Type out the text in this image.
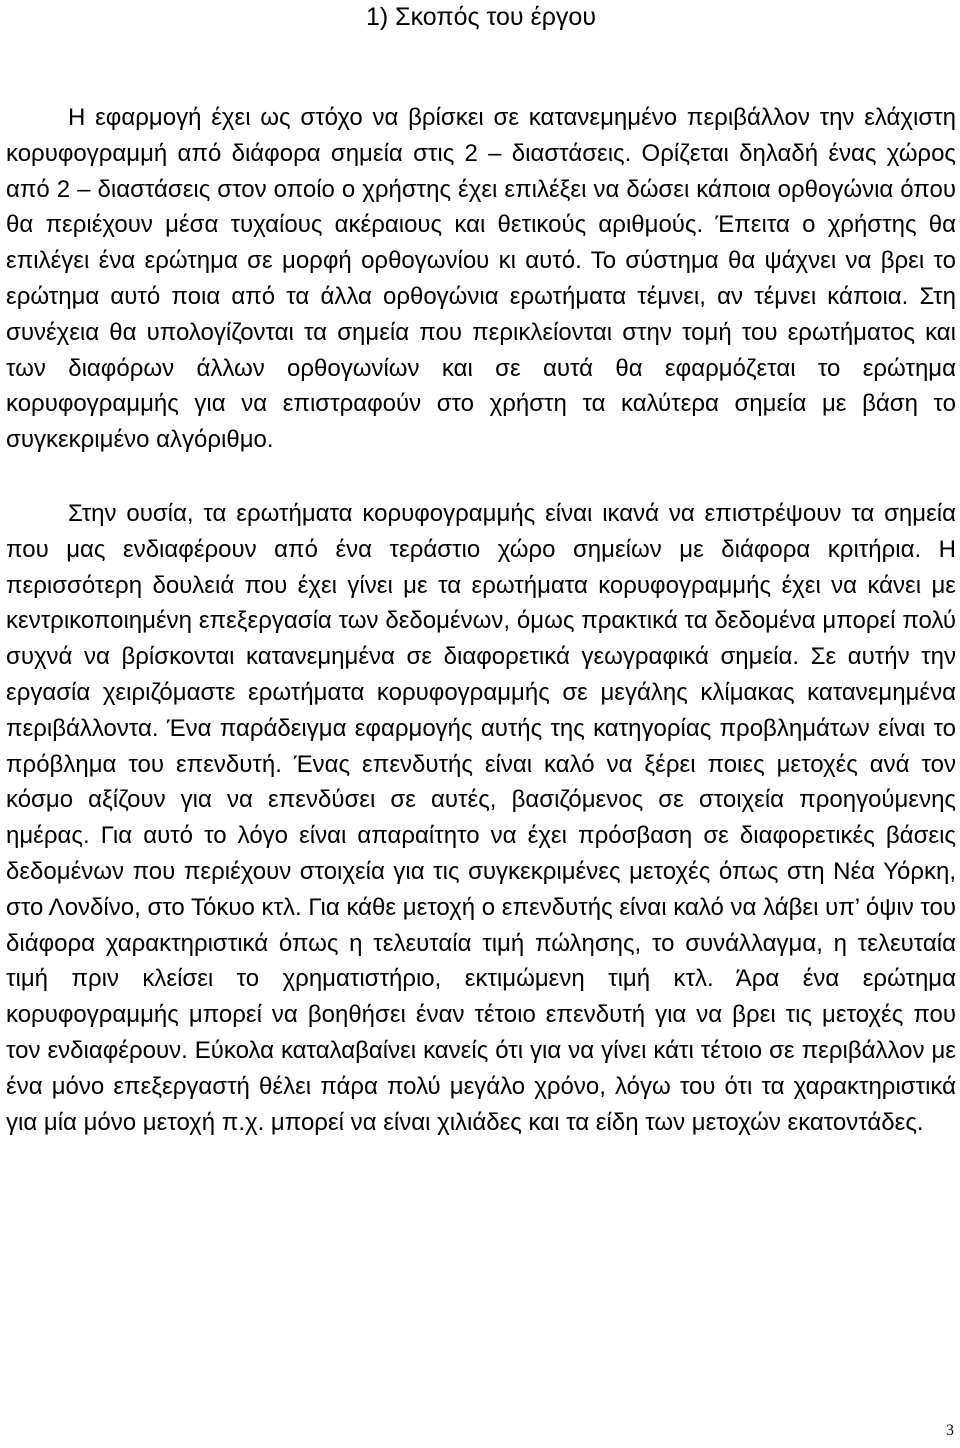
1) Σκοπός του έργου

Η εφαρμογή έχει ως στόχο να βρίσκει σε κατανεμημένο περιβάλλον την ελάχιστη κορυφογραμμή από διάφορα σημεία στις 2 – διαστάσεις. Ορίζεται δηλαδή ένας χώρος από 2 – διαστάσεις στον οποίο ο χρήστης έχει επιλέξει να δώσει κάποια ορθογώνια όπου θα περιέχουν μέσα τυχαίους ακέραιους και θετικούς αριθμούς. Έπειτα ο χρήστης θα επιλέγει ένα ερώτημα σε μορφή ορθογωνίου κι αυτό. Το σύστημα θα ψάχνει να βρει το ερώτημα αυτό ποια από τα άλλα ορθογώνια ερωτήματα τέμνει, αν τέμνει κάποια. Στη συνέχεια θα υπολογίζονται τα σημεία που περικλείονται στην τομή του ερωτήματος και των διαφόρων άλλων ορθογωνίων και σε αυτά θα εφαρμόζεται το ερώτημα κορυφογραμμής για να επιστραφούν στο χρήστη τα καλύτερα σημεία με βάση το συγκεκριμένο αλγόριθμο.

Στην ουσία, τα ερωτήματα κορυφογραμμής είναι ικανά να επιστρέψουν τα σημεία που μας ενδιαφέρουν από ένα τεράστιο χώρο σημείων με διάφορα κριτήρια. Η περισσότερη δουλειά που έχει γίνει με τα ερωτήματα κορυφογραμμής έχει να κάνει με κεντρικοποιημένη επεξεργασία των δεδομένων, όμως πρακτικά τα δεδομένα μπορεί πολύ συχνά να βρίσκονται κατανεμημένα σε διαφορετικά γεωγραφικά σημεία. Σε αυτήν την εργασία χειριζόμαστε ερωτήματα κορυφογραμμής σε μεγάλης κλίμακας κατανεμημένα περιβάλλοντα. Ένα παράδειγμα εφαρμογής αυτής της κατηγορίας προβλημάτων είναι το πρόβλημα του επενδυτή. Ένας επενδυτής είναι καλό να ξέρει ποιες μετοχές ανά τον κόσμο αξίζουν για να επενδύσει σε αυτές, βασιζόμενος σε στοιχεία προηγούμενης ημέρας. Για αυτό το λόγο είναι απαραίτητο να έχει πρόσβαση σε διαφορετικές βάσεις δεδομένων που περιέχουν στοιχεία για τις συγκεκριμένες μετοχές όπως στη Νέα Υόρκη, στο Λονδίνο, στο Τόκυο κτλ. Για κάθε μετοχή ο επενδυτής είναι καλό να λάβει υπ’ όψιν του διάφορα χαρακτηριστικά όπως η τελευταία τιμή πώλησης, το συνάλλαγμα, η τελευταία τιμή πριν κλείσει το χρηματιστήριο, εκτιμώμενη τιμή κτλ. Άρα ένα ερώτημα κορυφογραμμής μπορεί να βοηθήσει έναν τέτοιο επενδυτή για να βρει τις μετοχές που τον ενδιαφέρουν. Εύκολα καταλαβαίνει κανείς ότι για να γίνει κάτι τέτοιο σε περιβάλλον με ένα μόνο επεξεργαστή θέλει πάρα πολύ μεγάλο χρόνο, λόγω του ότι τα χαρακτηριστικά για μία μόνο μετοχή π.χ. μπορεί να είναι χιλιάδες και τα είδη των μετοχών εκατοντάδες.

3
